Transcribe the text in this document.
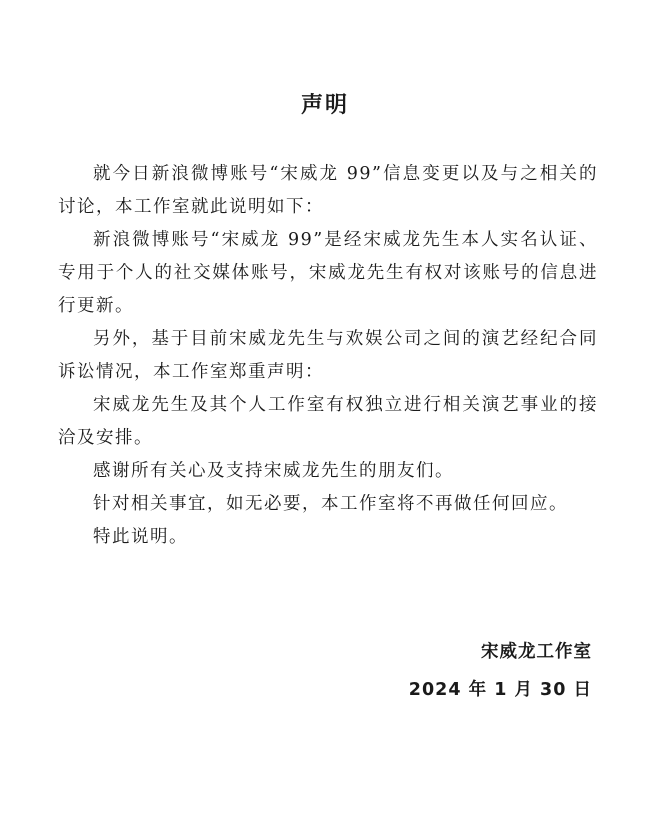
声明

就今日新浪微博账号“宋威龙 99”信息变更以及与之相关的讨论，本工作室就此说明如下：

新浪微博账号“宋威龙 99”是经宋威龙先生本人实名认证、专用于个人的社交媒体账号，宋威龙先生有权对该账号的信息进行更新。

另外，基于目前宋威龙先生与欢娱公司之间的演艺经纪合同诉讼情况，本工作室郑重声明：

宋威龙先生及其个人工作室有权独立进行相关演艺事业的接洽及安排。

感谢所有关心及支持宋威龙先生的朋友们。

针对相关事宜，如无必要，本工作室将不再做任何回应。

特此说明。

宋威龙工作室
2024 年 1 月 30 日
